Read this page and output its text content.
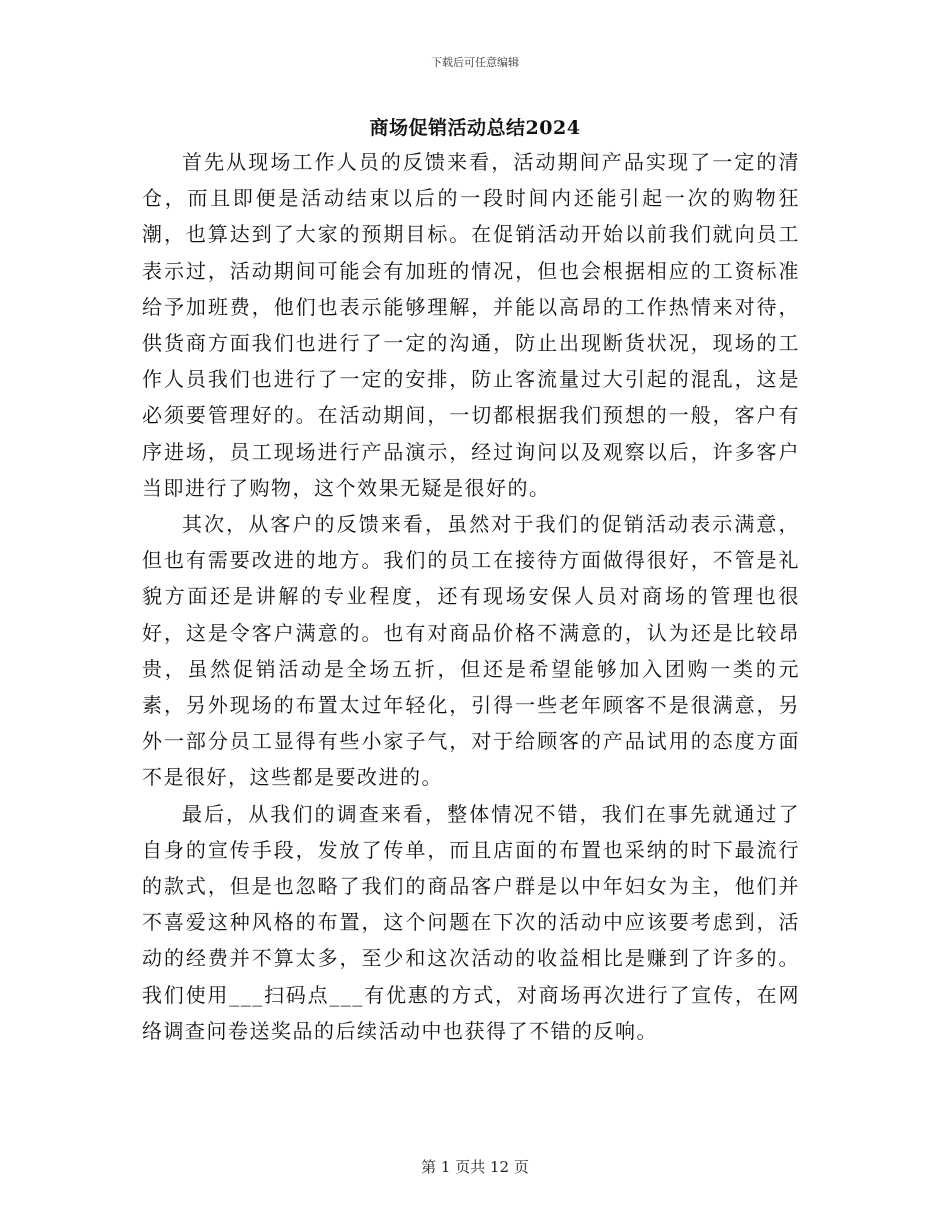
下载后可任意编辑
商场促销活动总结2024

首先从现场工作人员的反馈来看，活动期间产品实现了一定的清仓，而且即便是活动结束以后的一段时间内还能引起一次的购物狂潮，也算达到了大家的预期目标。在促销活动开始以前我们就向员工表示过，活动期间可能会有加班的情况，但也会根据相应的工资标准给予加班费，他们也表示能够理解，并能以高昂的工作热情来对待，供货商方面我们也进行了一定的沟通，防止出现断货状况，现场的工作人员我们也进行了一定的安排，防止客流量过大引起的混乱，这是必须要管理好的。在活动期间，一切都根据我们预想的一般，客户有序进场，员工现场进行产品演示，经过询问以及观察以后，许多客户当即进行了购物，这个效果无疑是很好的。

其次，从客户的反馈来看，虽然对于我们的促销活动表示满意，但也有需要改进的地方。我们的员工在接待方面做得很好，不管是礼貌方面还是讲解的专业程度，还有现场安保人员对商场的管理也很好，这是令客户满意的。也有对商品价格不满意的，认为还是比较昂贵，虽然促销活动是全场五折，但还是希望能够加入团购一类的元素，另外现场的布置太过年轻化，引得一些老年顾客不是很满意，另外一部分员工显得有些小家子气，对于给顾客的产品试用的态度方面不是很好，这些都是要改进的。

最后，从我们的调查来看，整体情况不错，我们在事先就通过了自身的宣传手段，发放了传单，而且店面的布置也采纳的时下最流行的款式，但是也忽略了我们的商品客户群是以中年妇女为主，他们并不喜爱这种风格的布置，这个问题在下次的活动中应该要考虑到，活动的经费并不算太多，至少和这次活动的收益相比是赚到了许多的。我们使用___扫码点___有优惠的方式，对商场再次进行了宣传，在网络调查问卷送奖品的后续活动中也获得了不错的反响。

第 1 页共 12 页
